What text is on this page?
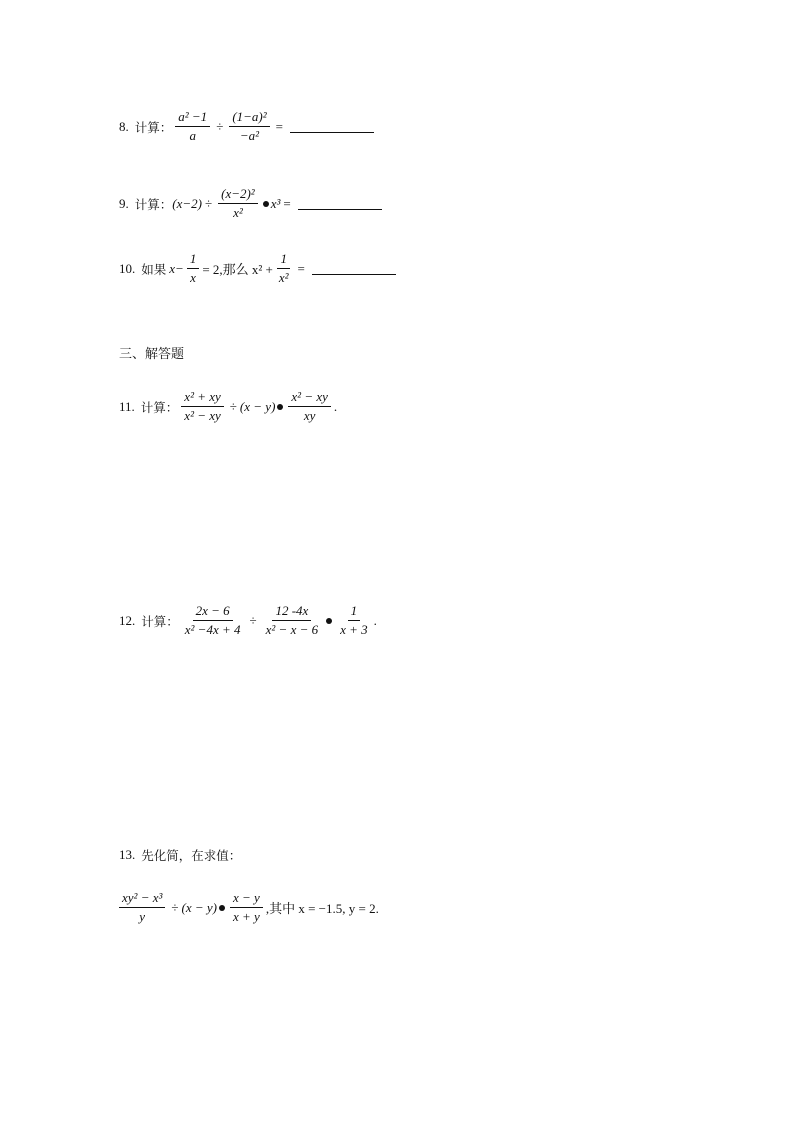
8. 计算： $\frac{\text{a² −1}}{a} \div \frac{\text{(1−a)²}}{\text{−a²}}$ =
9. 计算： $(x-2) \div \frac{\text{(x−2)²}}{\text{x²}} x^3$ =
10. 如果 $x- \frac{1}{x} = 2$,那么 $x^2 + \frac{1}{\text{x²}}$ =
三、解答题
11. 计算： $\frac{\text{x² + xy}}{\text{x² − xy}} \div (x - y) \frac{\text{x² − xy}}{xy}$ .
12. 计算： $\frac{2x - 6}{\text{x² −4x + 4}} \div \frac{12 -4x}{\text{x² − x − 6}} \frac{1}{x + 3}$ .
13. 先化简，在求值：
$\frac{\text{xy² − x³}}{y} \div (x - y) \frac{x - y}{x + y}$ ,其中 x = −1.5, y = 2.
